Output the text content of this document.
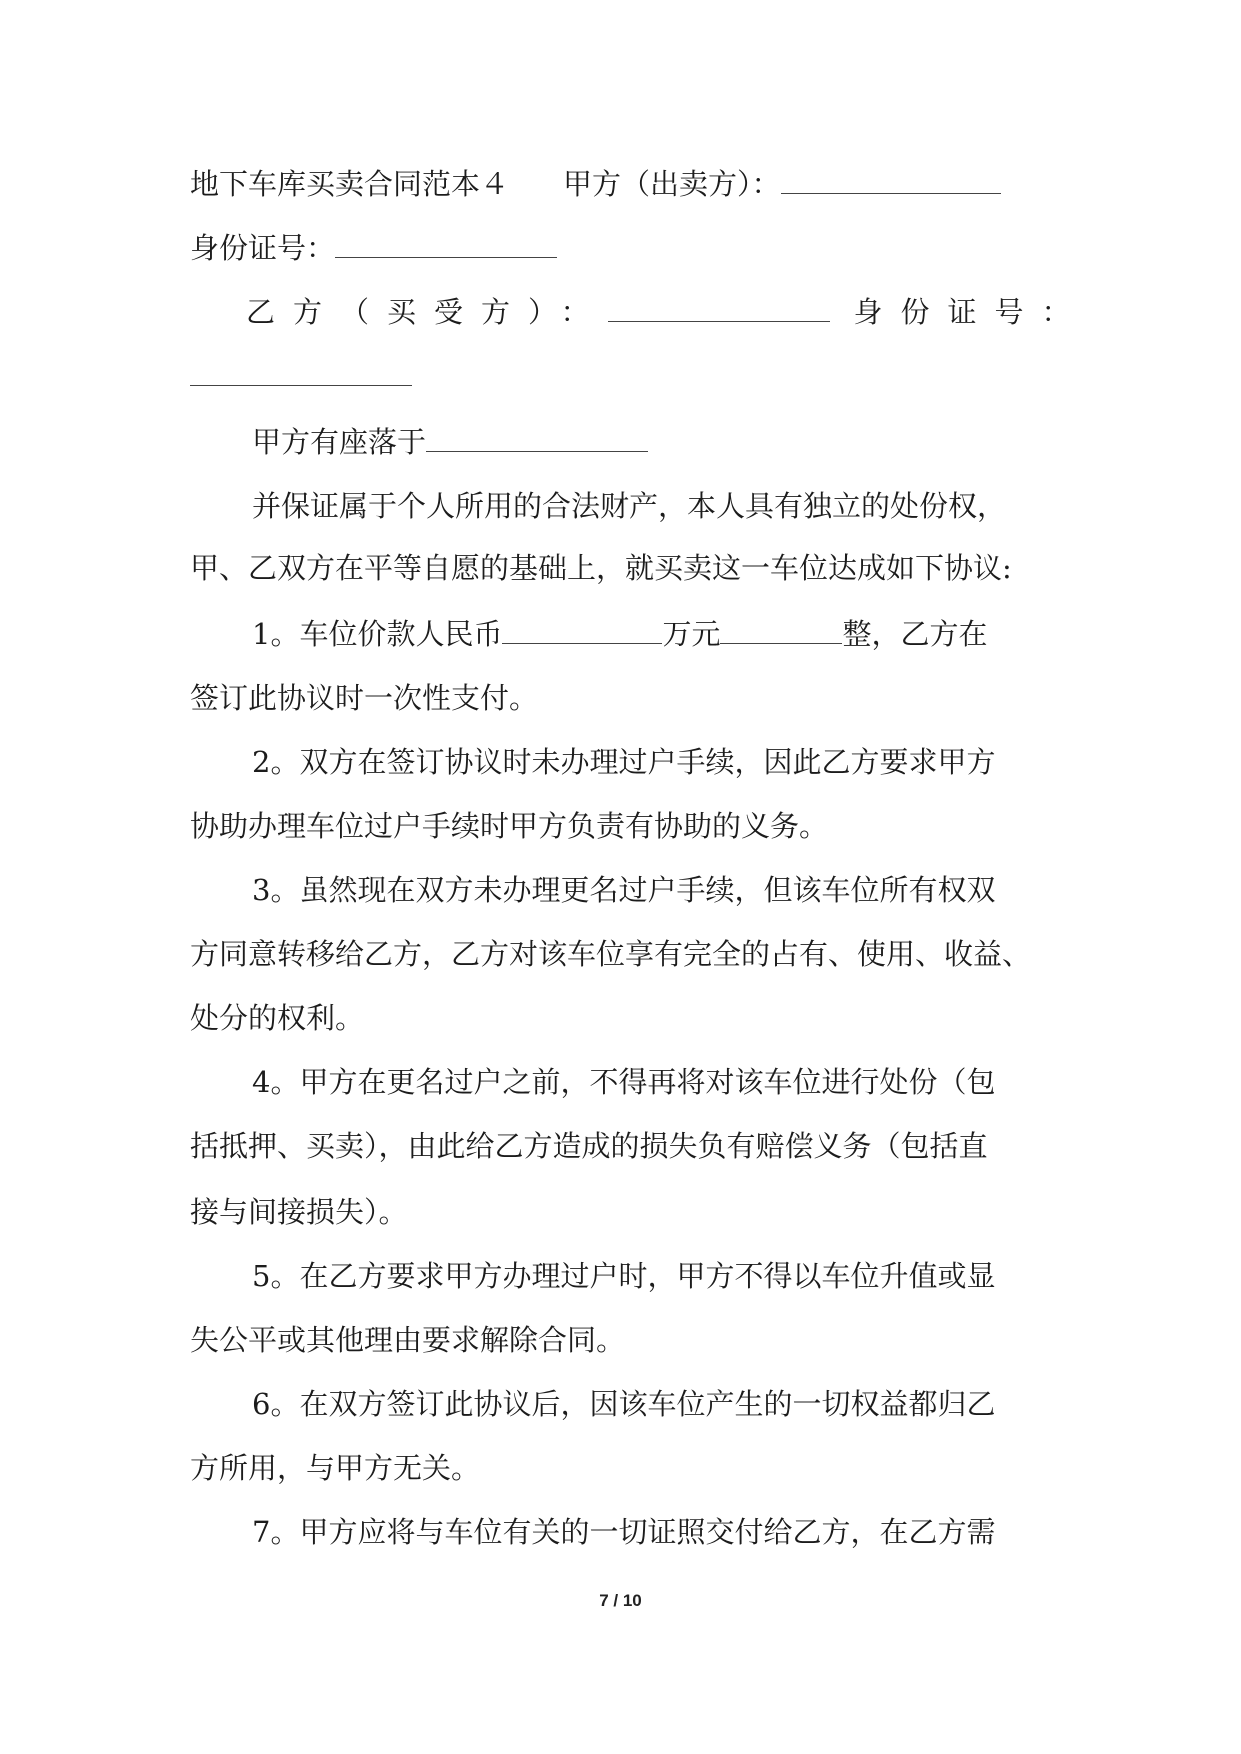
地下车库买卖合同范本４ 甲方（出卖方）：
身份证号：
乙方（买受方）：	身份证号：
甲方有座落于
并保证属于个人所用的合法财产，本人具有独立的处份权，
甲、乙双方在平等自愿的基础上，就买卖这一车位达成如下协议:
1。车位价款人民币	万元	整，乙方在
签订此协议时一次性支付。
2。双方在签订协议时未办理过户手续，因此乙方要求甲方
协助办理车位过户手续时甲方负责有协助的义务。
3。虽然现在双方未办理更名过户手续，但该车位所有权双
方同意转移给乙方，乙方对该车位享有完全的占有、使用、收益、
处分的权利。
4。甲方在更名过户之前，不得再将对该车位进行处份（包
括抵押、买卖），由此给乙方造成的损失负有赔偿义务（包括直
接与间接损失）。
5。在乙方要求甲方办理过户时，甲方不得以车位升值或显
失公平或其他理由要求解除合同。
6。在双方签订此协议后，因该车位产生的一切权益都归乙
方所用，与甲方无关。
7。甲方应将与车位有关的一切证照交付给乙方，在乙方需
7 / 10
